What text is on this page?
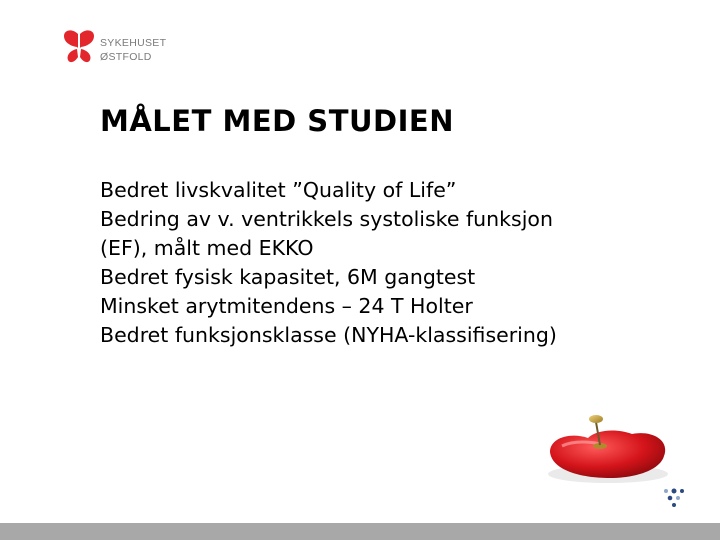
SYKEHUSET
ØSTFOLD
MÅLET MED STUDIEN
Bedret livskvalitet ”Quality of Life”
Bedring av v. ventrikkels systoliske funksjon
(EF), målt med EKKO
Bedret fysisk kapasitet, 6M gangtest
Minsket arytmitendens – 24 T Holter
Bedret funksjonsklasse (NYHA-klassifisering)
